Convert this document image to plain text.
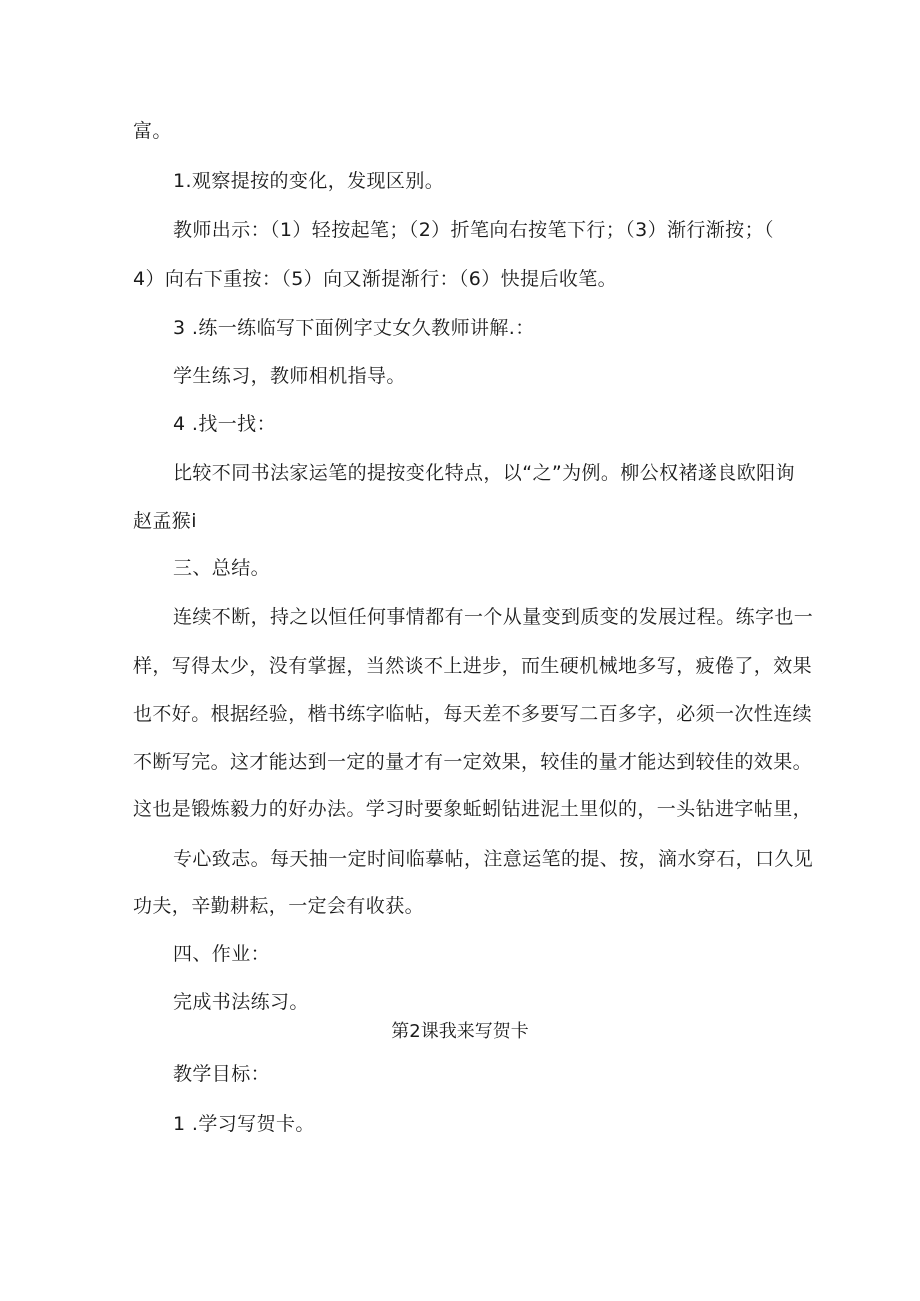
富。
1.观察提按的变化，发现区别。
教师出示：（1）轻按起笔；（2）折笔向右按笔下行；（3）渐行渐按；（
4）向右下重按：（5）向又渐提渐行：（6）快提后收笔。
3 .练一练临写下面例字丈女久教师讲解.：
学生练习，教师相机指导。
4 .找一找：
比较不同书法家运笔的提按变化特点，以“之”为例。柳公权褚遂良欧阳询
赵孟猴i
三、总结。
连续不断，持之以恒任何事情都有一个从量变到质变的发展过程。练字也一
样，写得太少，没有掌握，当然谈不上进步，而生硬机械地多写，疲倦了，效果
也不好。根据经验，楷书练字临帖，每天差不多要写二百多字，必须一次性连续
不断写完。这才能达到一定的量才有一定效果，较佳的量才能达到较佳的效果。
这也是锻炼毅力的好办法。学习时要象蚯蚓钻进泥土里似的，一头钻进字帖里，
专心致志。每天抽一定时间临摹帖，注意运笔的提、按，滴水穿石，口久见
功夫，辛勤耕耘，一定会有收获。
四、作业：
完成书法练习。
第2课我来写贺卡
教学目标：
1 .学习写贺卡。
